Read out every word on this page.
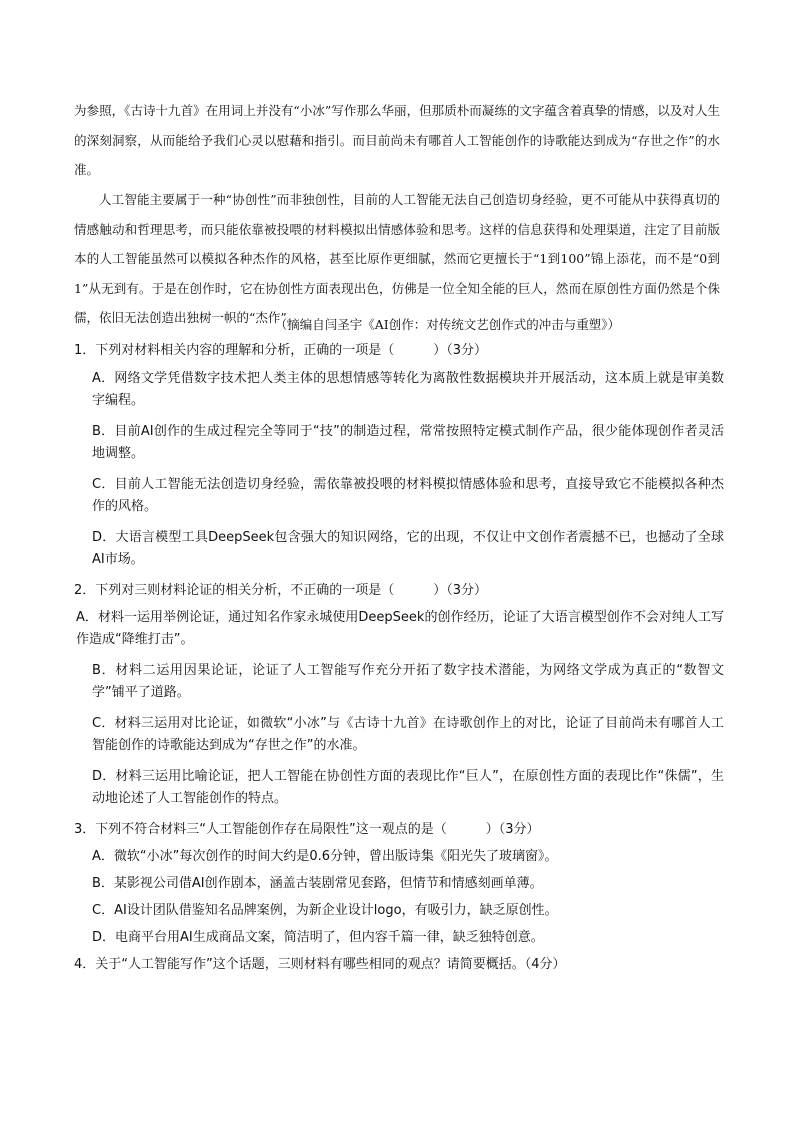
为参照，《古诗十九首》在用词上并没有“小冰”写作那么华丽，但那质朴而凝练的文字蕴含着真挚的情感，以及对人生的深刻洞察，从而能给予我们心灵以慰藉和指引。而目前尚未有哪首人工智能创作的诗歌能达到成为“存世之作”的水准。

人工智能主要属于一种“协创性”而非独创性，目前的人工智能无法自己创造切身经验，更不可能从中获得真切的情感触动和哲理思考，而只能依靠被投喂的材料模拟出情感体验和思考。这样的信息获得和处理渠道，注定了目前版本的人工智能虽然可以模拟各种杰作的风格，甚至比原作更细腻，然而它更擅长于“1到100”锦上添花，而不是“0到1”从无到有。于是在创作时，它在协创性方面表现出色，仿佛是一位全知全能的巨人，然而在原创性方面仍然是个侏儒，依旧无法创造出独树一帜的“杰作”。

（摘编自闫圣宇《AI创作：对传统文艺创作式的冲击与重塑》）
1．下列对材料相关内容的理解和分析，正确的一项是（　　　）（3分）
A．网络文学凭借数字技术把人类主体的思想情感等转化为离散性数据模块并开展活动，这本质上就是审美数字编程。
B．目前AI创作的生成过程完全等同于“技”的制造过程，常常按照特定模式制作产品，很少能体现创作者灵活地调整。
C．目前人工智能无法创造切身经验，需依靠被投喂的材料模拟情感体验和思考，直接导致它不能模拟各种杰作的风格。
D．大语言模型工具DeepSeek包含强大的知识网络，它的出现，不仅让中文创作者震撼不已，也撼动了全球AI市场。
2．下列对三则材料论证的相关分析，不正确的一项是（　　　）（3分）
A．材料一运用举例论证，通过知名作家永城使用DeepSeek的创作经历，论证了大语言模型创作不会对纯人工写作造成“降维打击”。
B．材料二运用因果论证，论证了人工智能写作充分开拓了数字技术潜能，为网络文学成为真正的“数智文学”铺平了道路。
C．材料三运用对比论证，如微软“小冰”与《古诗十九首》在诗歌创作上的对比，论证了目前尚未有哪首人工智能创作的诗歌能达到成为“存世之作”的水准。
D．材料三运用比喻论证，把人工智能在协创性方面的表现比作“巨人”，在原创性方面的表现比作“侏儒”，生动地论述了人工智能创作的特点。
3．下列不符合材料三“人工智能创作存在局限性”这一观点的是（　　　）（3分）
A．微软“小冰”每次创作的时间大约是0.6分钟，曾出版诗集《阳光失了玻璃窗》。
B．某影视公司借AI创作剧本，涵盖古装剧常见套路，但情节和情感刻画单薄。
C．AI设计团队借鉴知名品牌案例，为新企业设计logo，有吸引力，缺乏原创性。
D．电商平台用AI生成商品文案，简洁明了，但内容千篇一律，缺乏独特创意。
4．关于“人工智能写作”这个话题，三则材料有哪些相同的观点？请简要概括。（4分）
